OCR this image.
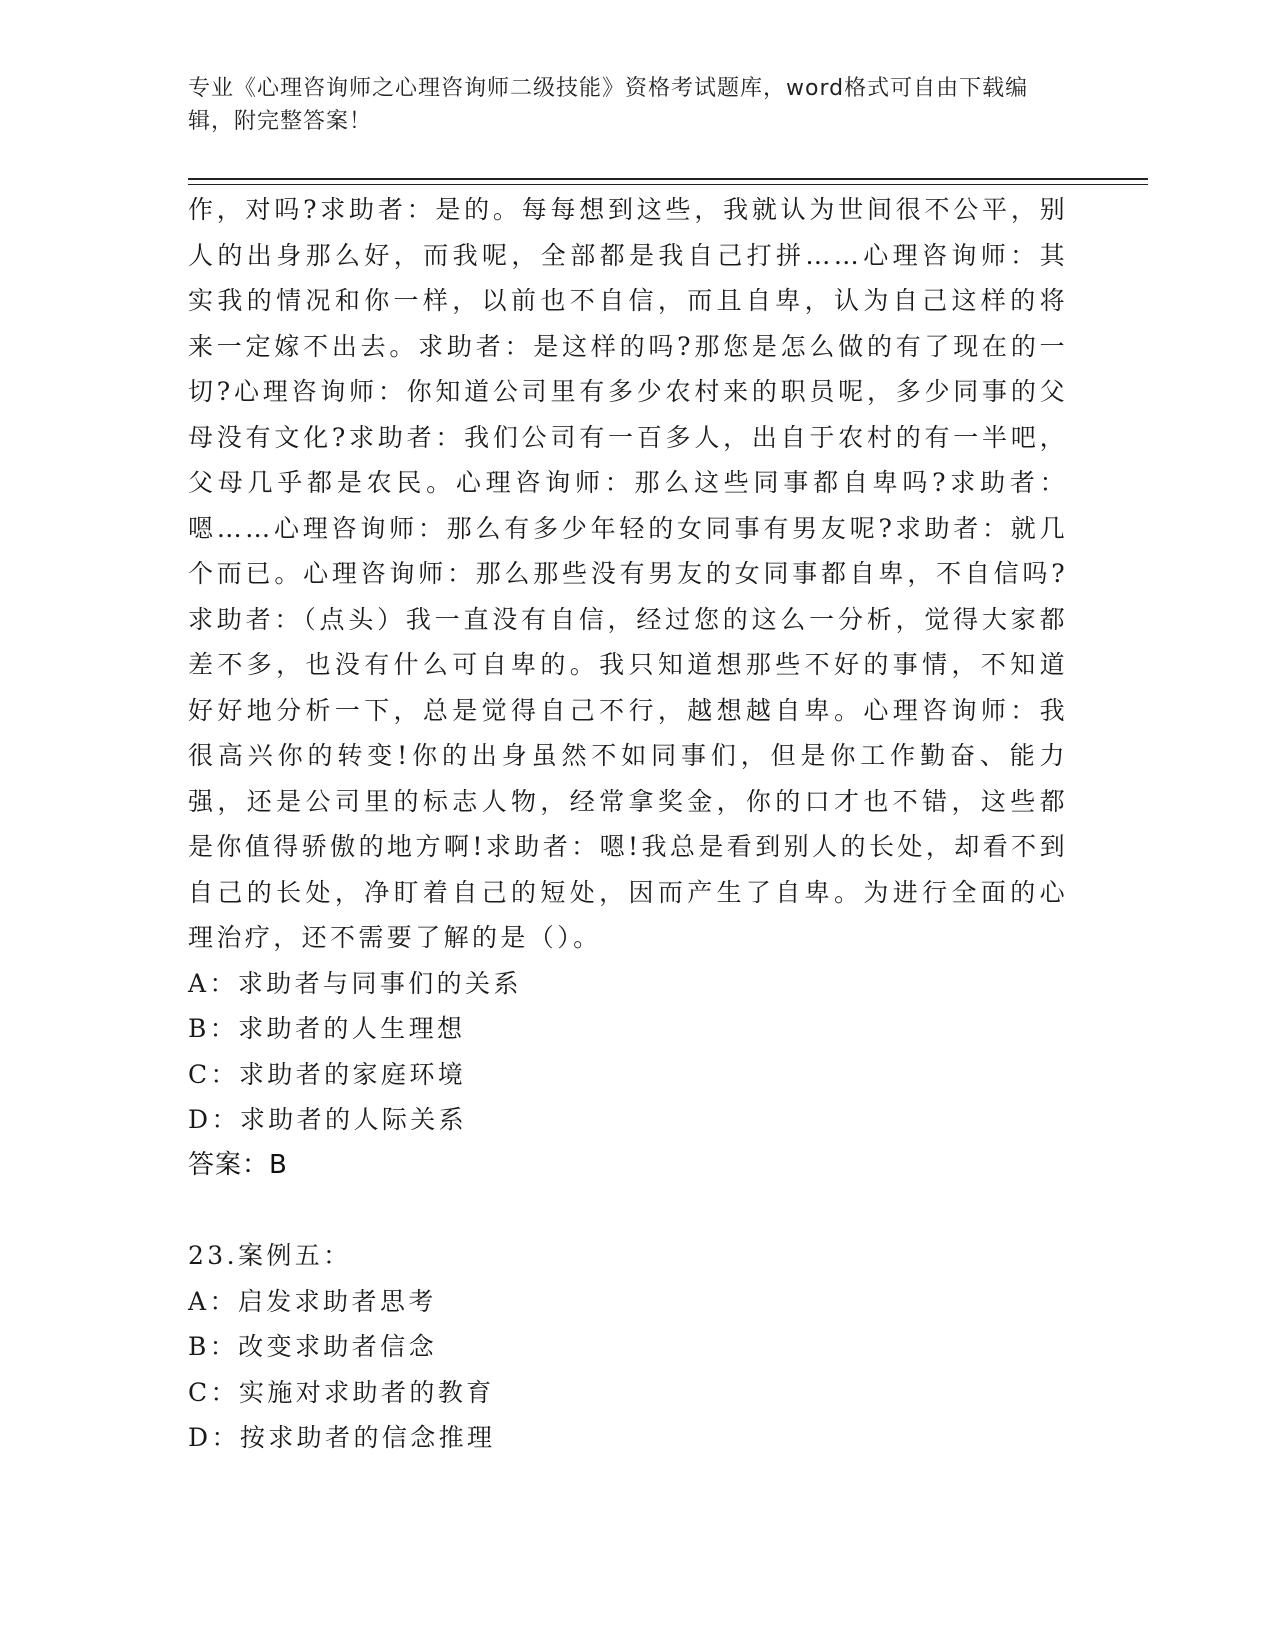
专业《心理咨询师之心理咨询师二级技能》资格考试题库，word格式可自由下载编辑，附完整答案！

作，对吗?求助者：是的。每每想到这些，我就认为世间很不公平，别人的出身那么好，而我呢，全部都是我自己打拼……心理咨询师：其实我的情况和你一样，以前也不自信，而且自卑，认为自己这样的将来一定嫁不出去。求助者：是这样的吗?那您是怎么做的有了现在的一切?心理咨询师：你知道公司里有多少农村来的职员呢，多少同事的父母没有文化?求助者：我们公司有一百多人，出自于农村的有一半吧，父母几乎都是农民。心理咨询师：那么这些同事都自卑吗?求助者：嗯……心理咨询师：那么有多少年轻的女同事有男友呢?求助者：就几个而已。心理咨询师：那么那些没有男友的女同事都自卑，不自信吗?求助者：（点头）我一直没有自信，经过您的这么一分析，觉得大家都差不多，也没有什么可自卑的。我只知道想那些不好的事情，不知道好好地分析一下，总是觉得自己不行，越想越自卑。心理咨询师：我很高兴你的转变!你的出身虽然不如同事们，但是你工作勤奋、能力强，还是公司里的标志人物，经常拿奖金，你的口才也不错，这些都是你值得骄傲的地方啊!求助者：嗯!我总是看到别人的长处，却看不到自己的长处，净盯着自己的短处，因而产生了自卑。为进行全面的心理治疗，还不需要了解的是（）。

A：求助者与同事们的关系

B：求助者的人生理想

C：求助者的家庭环境

D：求助者的人际关系

答案：B

23.案例五：

A：启发求助者思考

B：改变求助者信念

C：实施对求助者的教育

D：按求助者的信念推理
